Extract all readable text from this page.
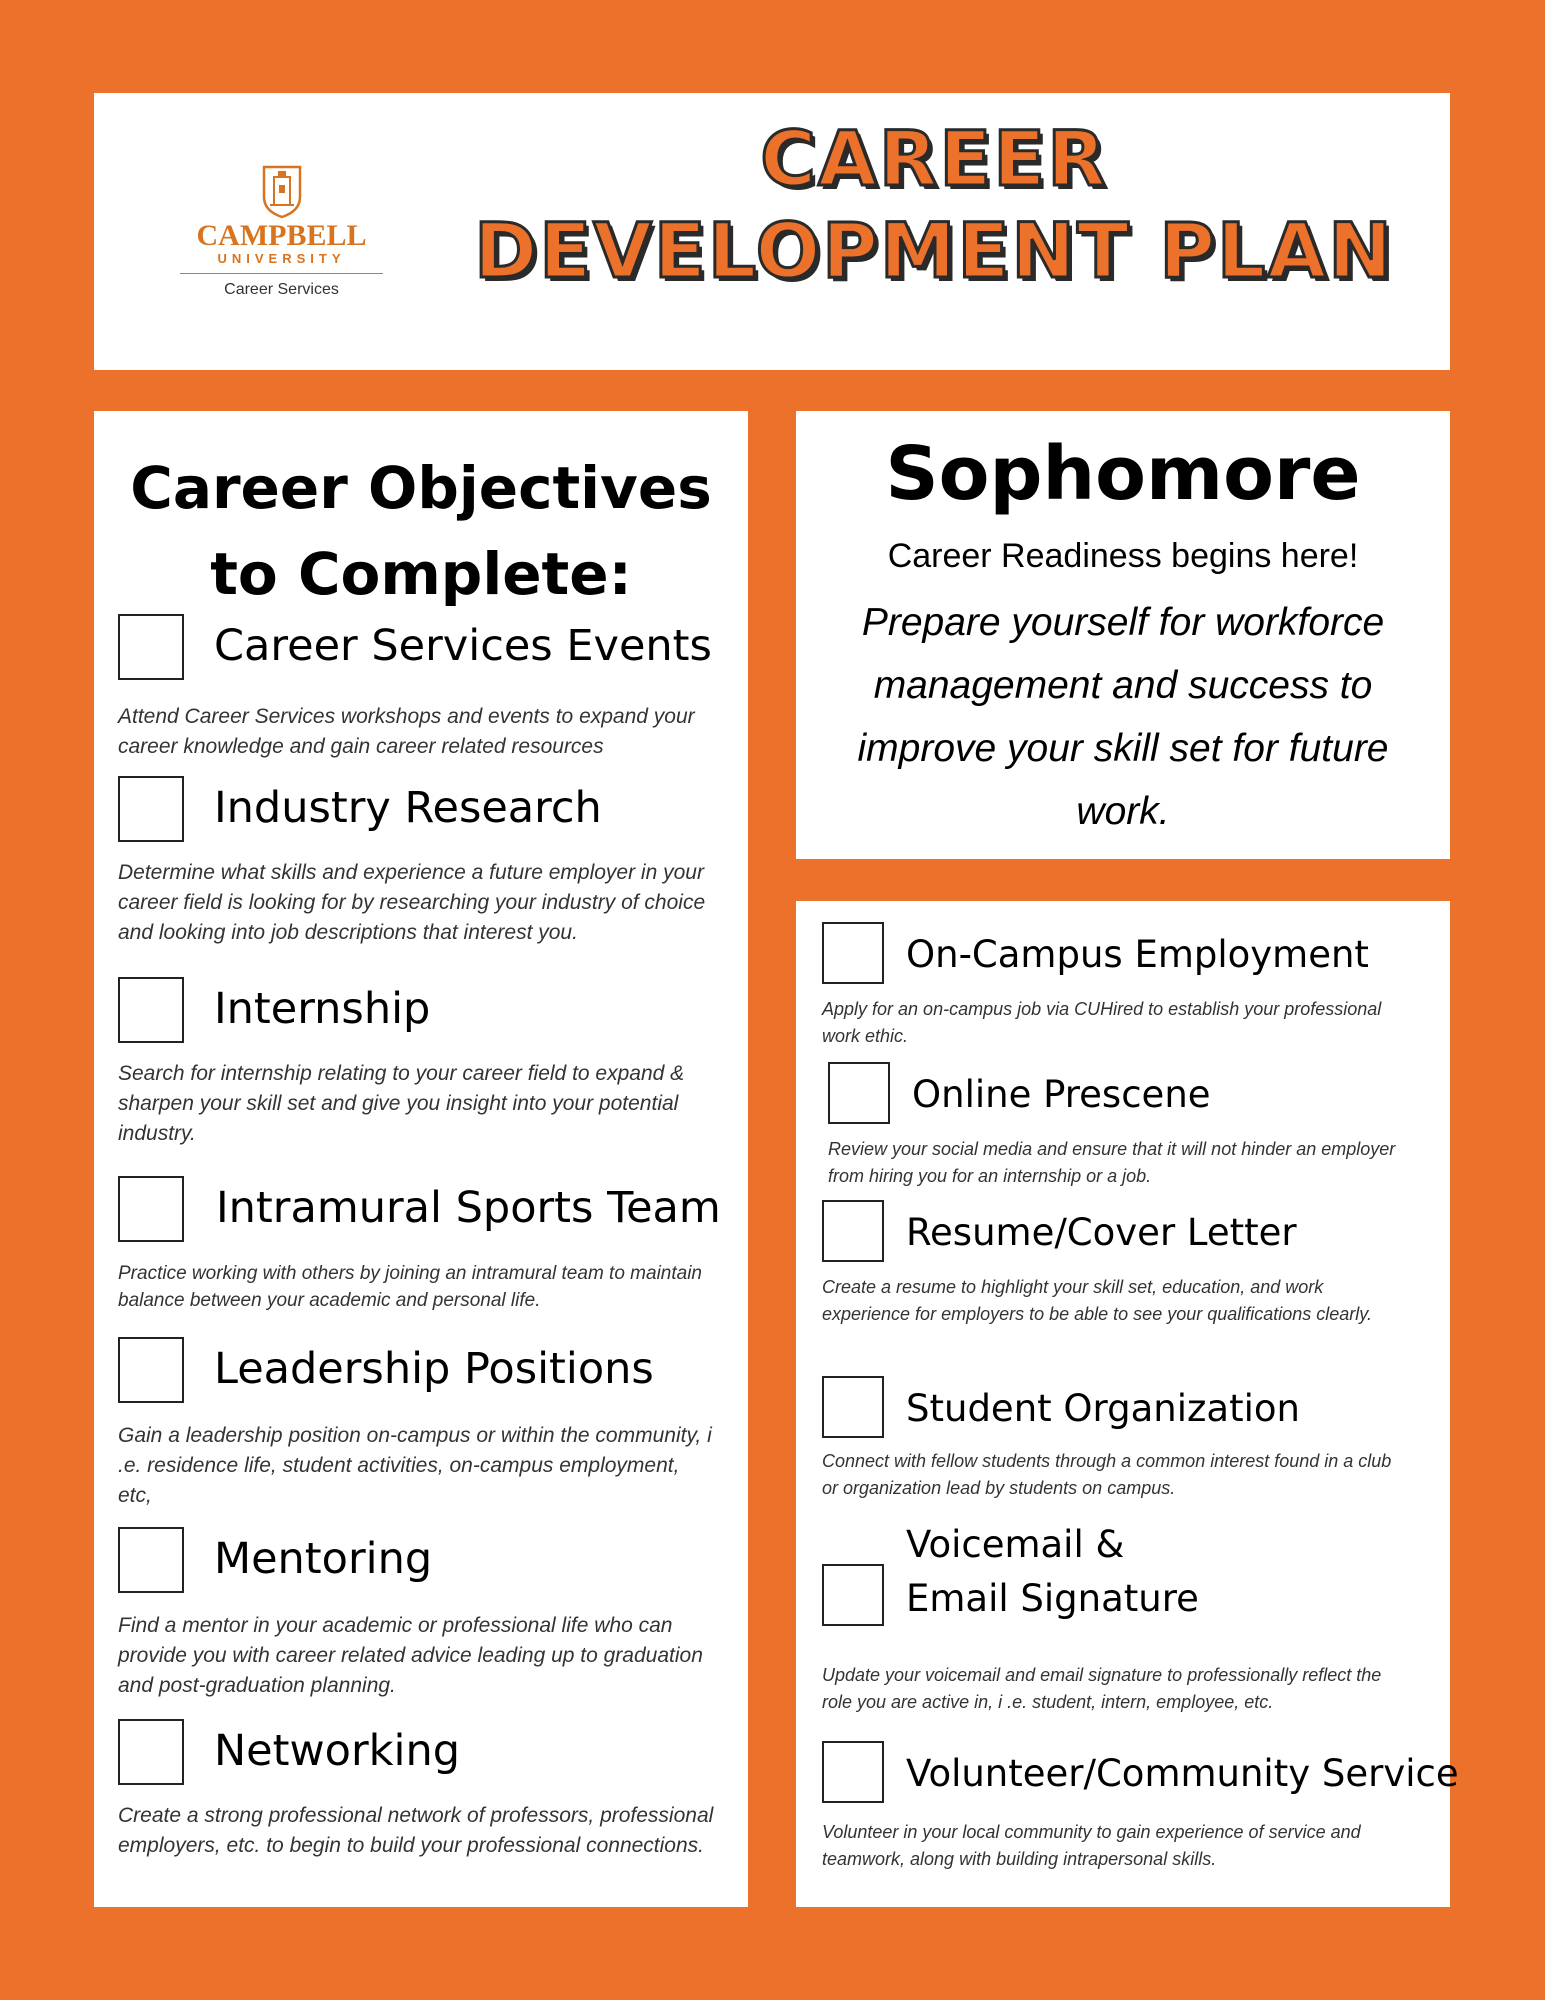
CAMPBELL
UNIVERSITY
Career Services
CAREER
DEVELOPMENT PLAN
Career Objectives
to Complete:
Career Services Events
Attend Career Services workshops and events to expand your career knowledge and gain career related resources
Industry Research
Determine what skills and experience a future employer in your career field is looking for by researching your industry of choice and looking into job descriptions that interest you.
Internship
Search for internship relating to your career field to expand & sharpen your skill set and give you insight into your potential industry.
Intramural Sports Team
Practice working with others by joining an intramural team to maintain balance between your academic and personal life.
Leadership Positions
Gain a leadership position on-campus or within the community, i .e. residence life, student activities, on-campus employment, etc,
Mentoring
Find a mentor in your academic or professional life who can provide you with career related advice leading up to graduation and post-graduation planning.
Networking
Create a strong professional network of professors, professional employers, etc. to begin to build your professional connections.
Sophomore
Career Readiness begins here!
Prepare yourself for workforce management and success to improve your skill set for future work.
On-Campus Employment
Apply for an on-campus job via CUHired to establish your professional work ethic.
Online Prescene
Review your social media and ensure that it will not hinder an employer from hiring you for an internship or a job.
Resume/Cover Letter
Create a resume to highlight your skill set, education, and work experience for employers to be able to see your qualifications clearly.
Student Organization
Connect with fellow students through a common interest found in a club or organization lead by students on campus.
Voicemail &
Email Signature
Update your voicemail and email signature to professionally reflect the role you are active in, i .e. student, intern, employee, etc.
Volunteer/Community Service
Volunteer in your local community to gain experience of service and teamwork, along with building intrapersonal skills.
